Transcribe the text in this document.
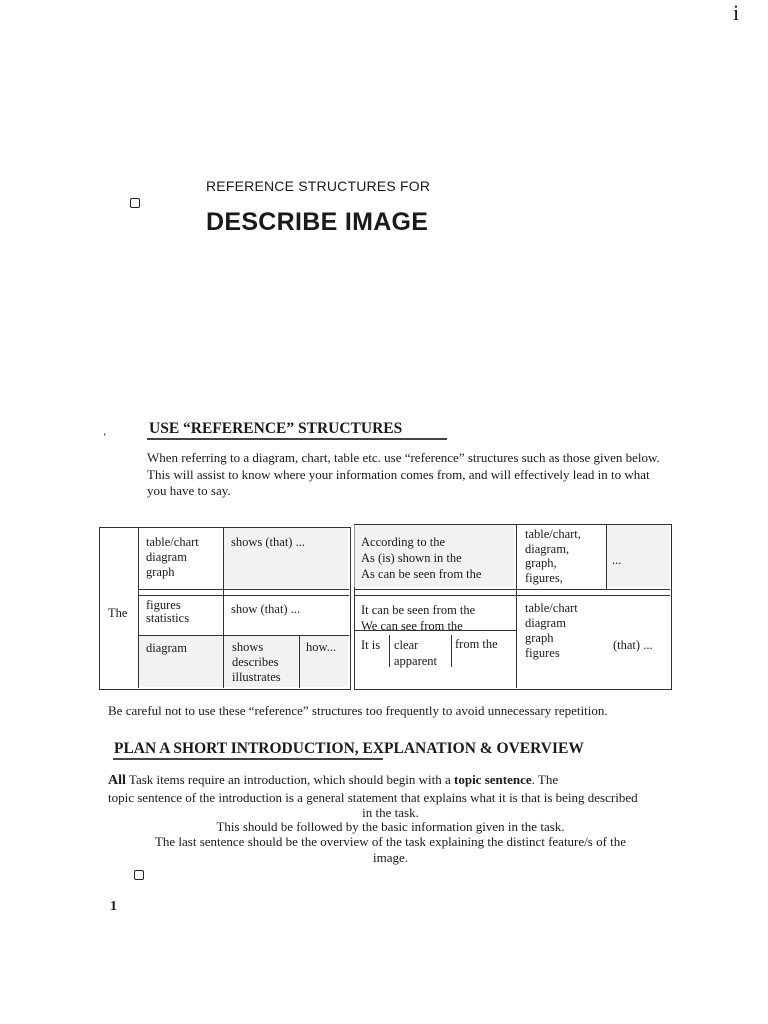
i
REFERENCE STRUCTURES FOR
DESCRIBE IMAGE
‘	USE “REFERENCE” STRUCTURES
When referring to a diagram, chart, table etc. use “reference” structures such as those given below.
This will assist to know where your information comes from, and will effectively lead in to what
you have to say.
The
table/chart
diagram
graph
shows (that) ...
figures
statistics
show (that) ...
diagram	shows
describes
illustrates
how...
According to the
As (is) shown in the
As can be seen from the
table/chart,
diagram,
graph,
figures,
...
It can be seen from the
We can see from the
table/chart
diagram
graph
figures
(that) ...
It is clear
apparent
from the
Be careful not to use these “reference” structures too frequently to avoid unnecessary repetition.
PLAN A SHORT INTRODUCTION, EXPLANATION & OVERVIEW
All Task items require an introduction, which should begin with a topic sentence. The
topic sentence of the introduction is a general statement that explains what it is that is being described
in the task.
This should be followed by the basic information given in the task.
The last sentence should be the overview of the task explaining the distinct feature/s of the
image.
1
